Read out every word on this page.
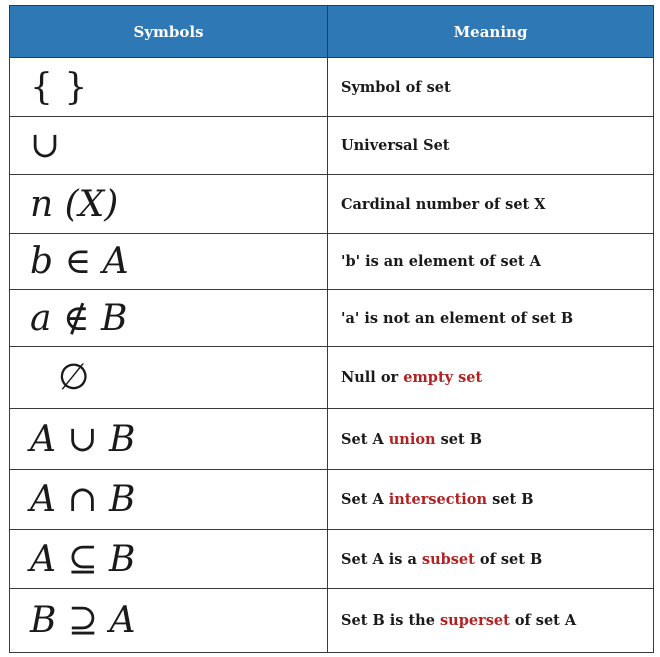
Symbols	Meaning
{ }	Symbol of set
∪	Universal Set
n (X)	Cardinal number of set X
b ∈ A	'b' is an element of set A
a ∉ B	'a' is not an element of set B
∅	Null or empty set
A ∪ B	Set A union set B
A ∩ B	Set A intersection set B
A ⊆ B	Set A is a subset of set B
B ⊇ A	Set B is the superset of set A
